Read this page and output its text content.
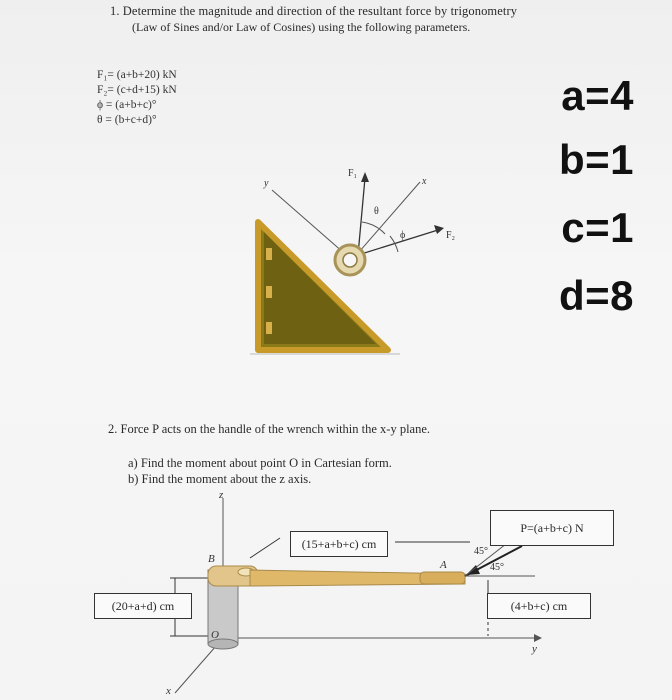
1. Determine the magnitude and direction of the resultant force by trigonometry
(Law of Sines and/or Law of Cosines) using the following parameters.
F₁= (a+b+20) kN
F₂= (c+d+15) kN
ϕ = (a+b+c)°
θ = (b+c+d)°
a=4
b=1
c=1
d=8
y	x
F₁
F₂
θ
ϕ
2. Force P acts on the handle of the wrench within the x-y plane.
a) Find the moment about point O in Cartesian form.
b) Find the moment about the z axis.
z
x
y
B	A
O
45°
45°
(15+a+b+c) cm
(20+a+d) cm
P=(a+b+c) N
(4+b+c) cm
